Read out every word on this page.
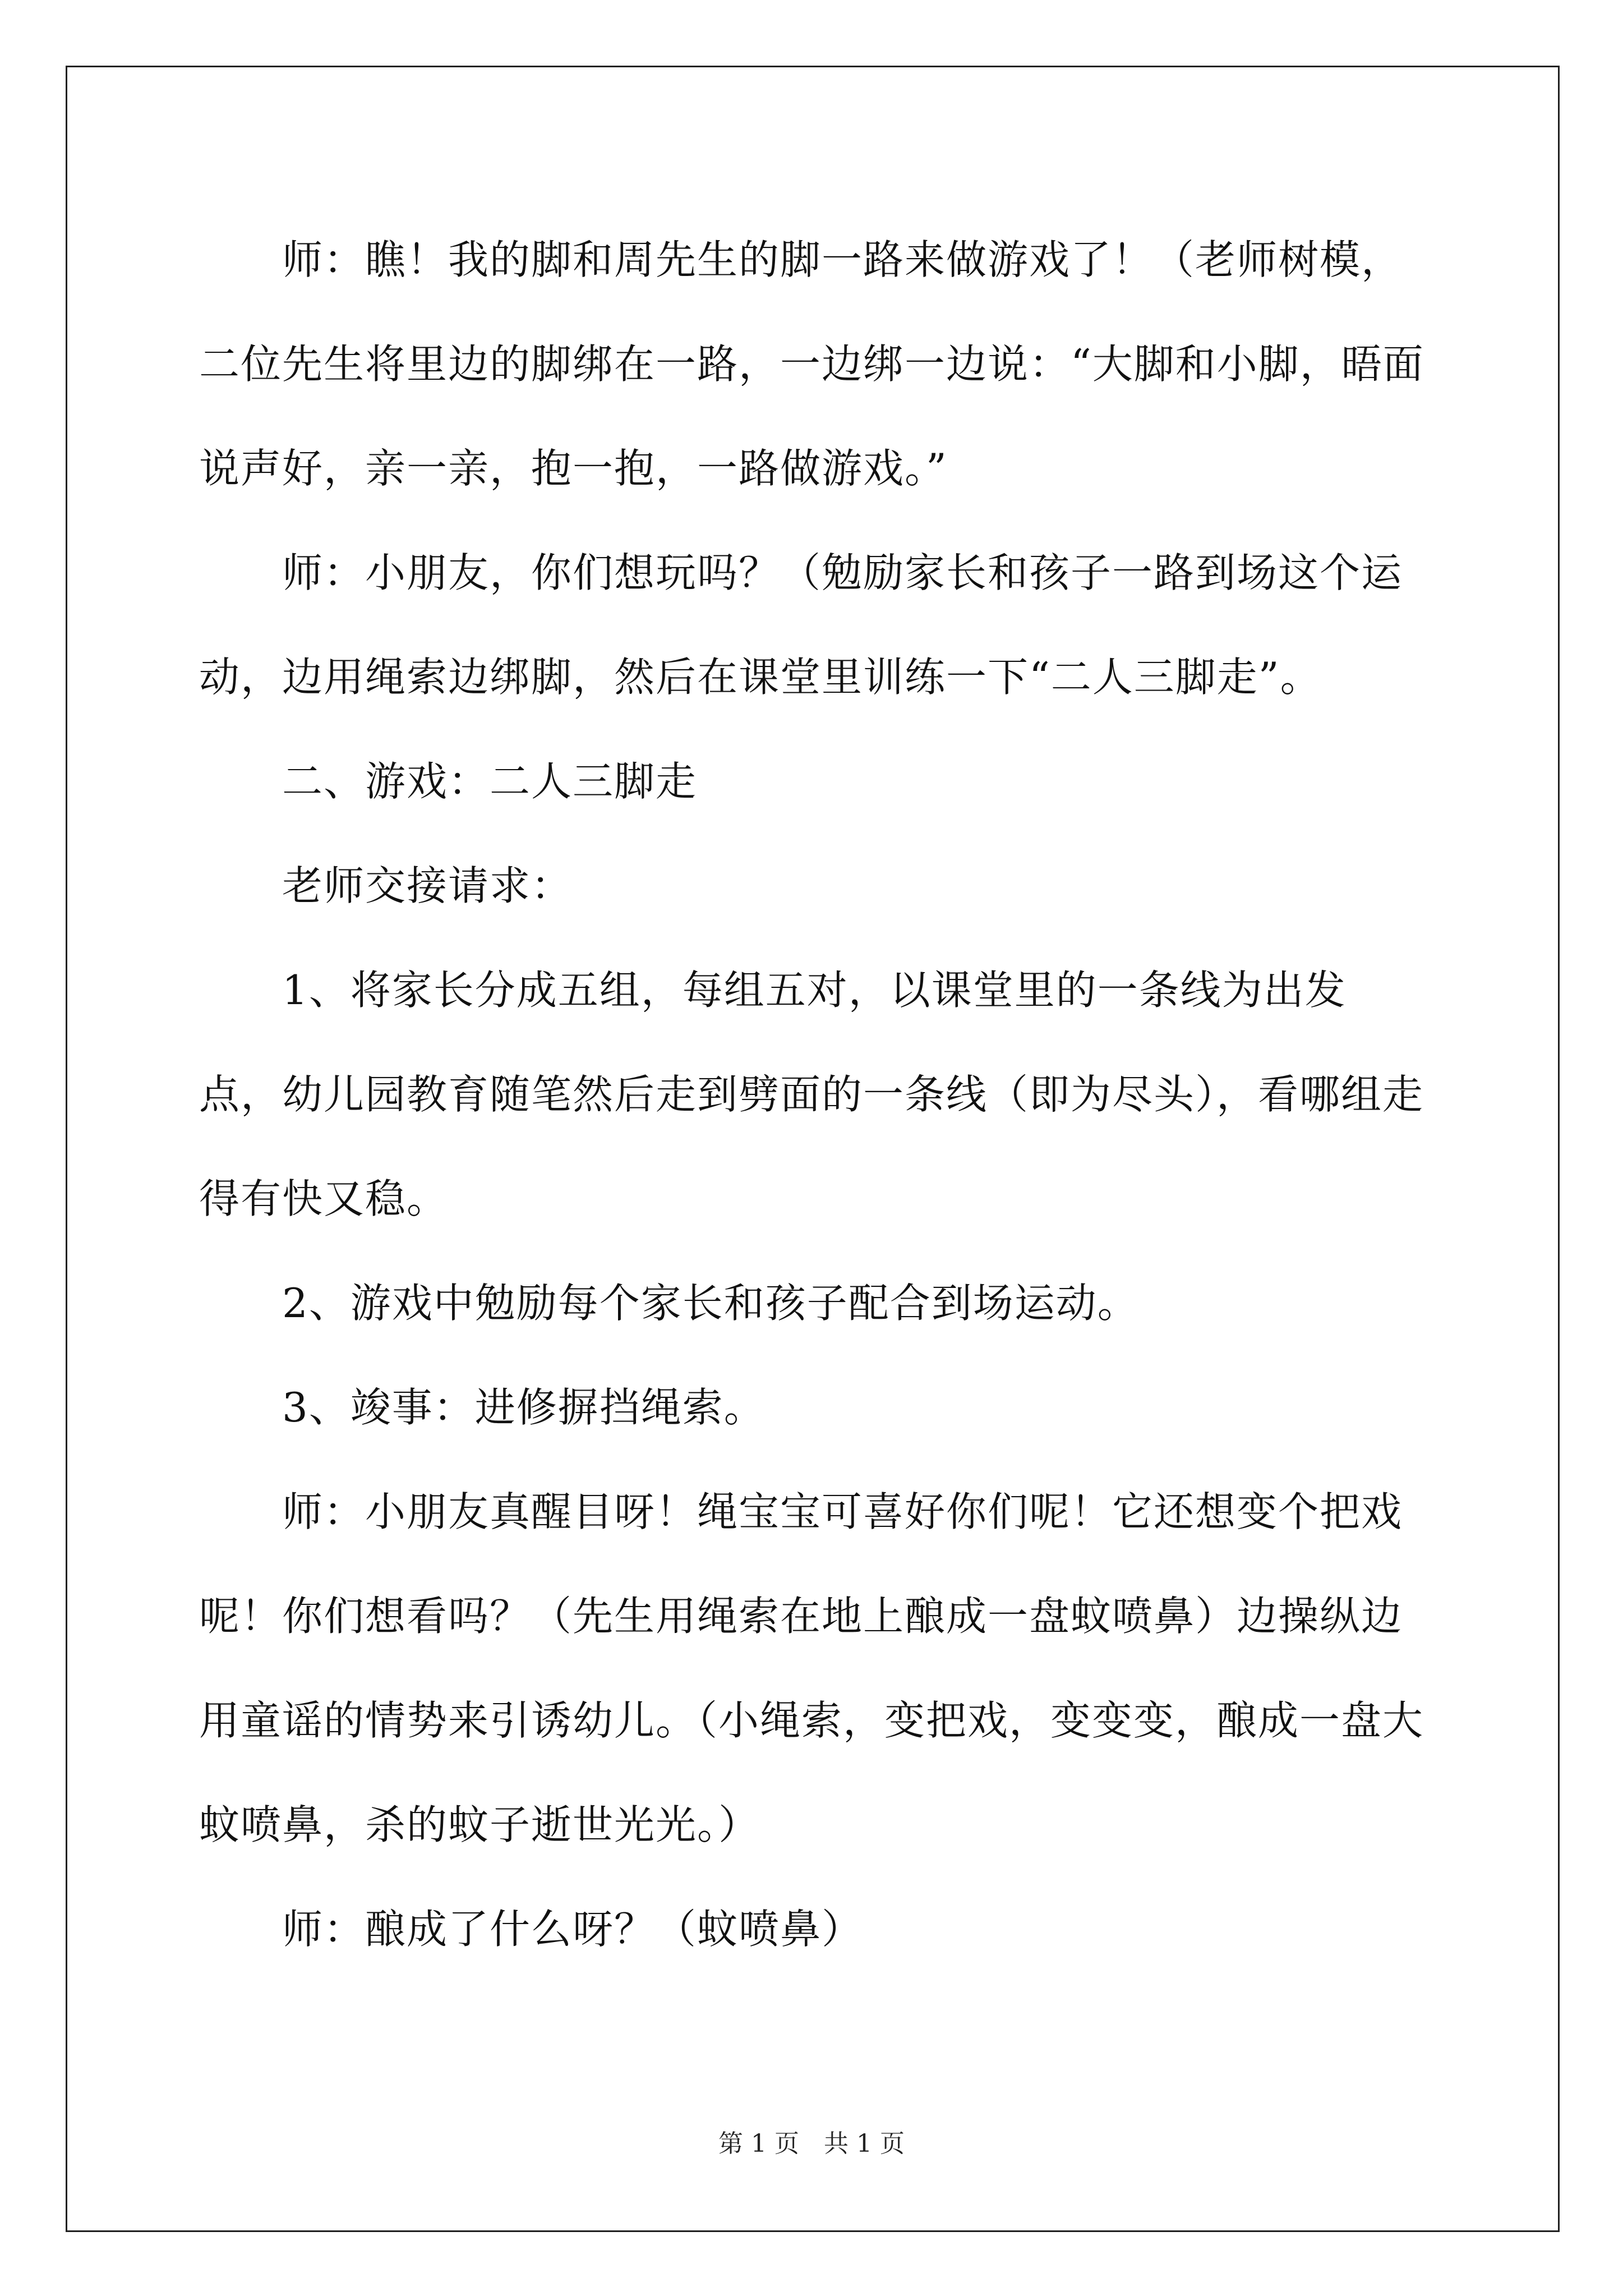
师：瞧！我的脚和周先生的脚一路来做游戏了！（老师树模，二位先生将里边的脚绑在一路，一边绑一边说：“大脚和小脚，晤面说声好，亲一亲，抱一抱，一路做游戏。”

师：小朋友，你们想玩吗？（勉励家长和孩子一路到场这个运动，边用绳索边绑脚，然后在课堂里训练一下“二人三脚走”。

二、游戏：二人三脚走

老师交接请求：

1、将家长分成五组，每组五对，以课堂里的一条线为出发点，幼儿园教育随笔然后走到劈面的一条线（即为尽头），看哪组走得有快又稳。

2、游戏中勉励每个家长和孩子配合到场运动。

3、竣事：进修摒挡绳索。

师：小朋友真醒目呀！绳宝宝可喜好你们呢！它还想变个把戏呢！你们想看吗？（先生用绳索在地上酿成一盘蚊喷鼻）边操纵边用童谣的情势来引诱幼儿。（小绳索，变把戏，变变变，酿成一盘大蚊喷鼻，杀的蚊子逝世光光。）

师：酿成了什么呀？（蚊喷鼻）

第 1 页　共 1 页
